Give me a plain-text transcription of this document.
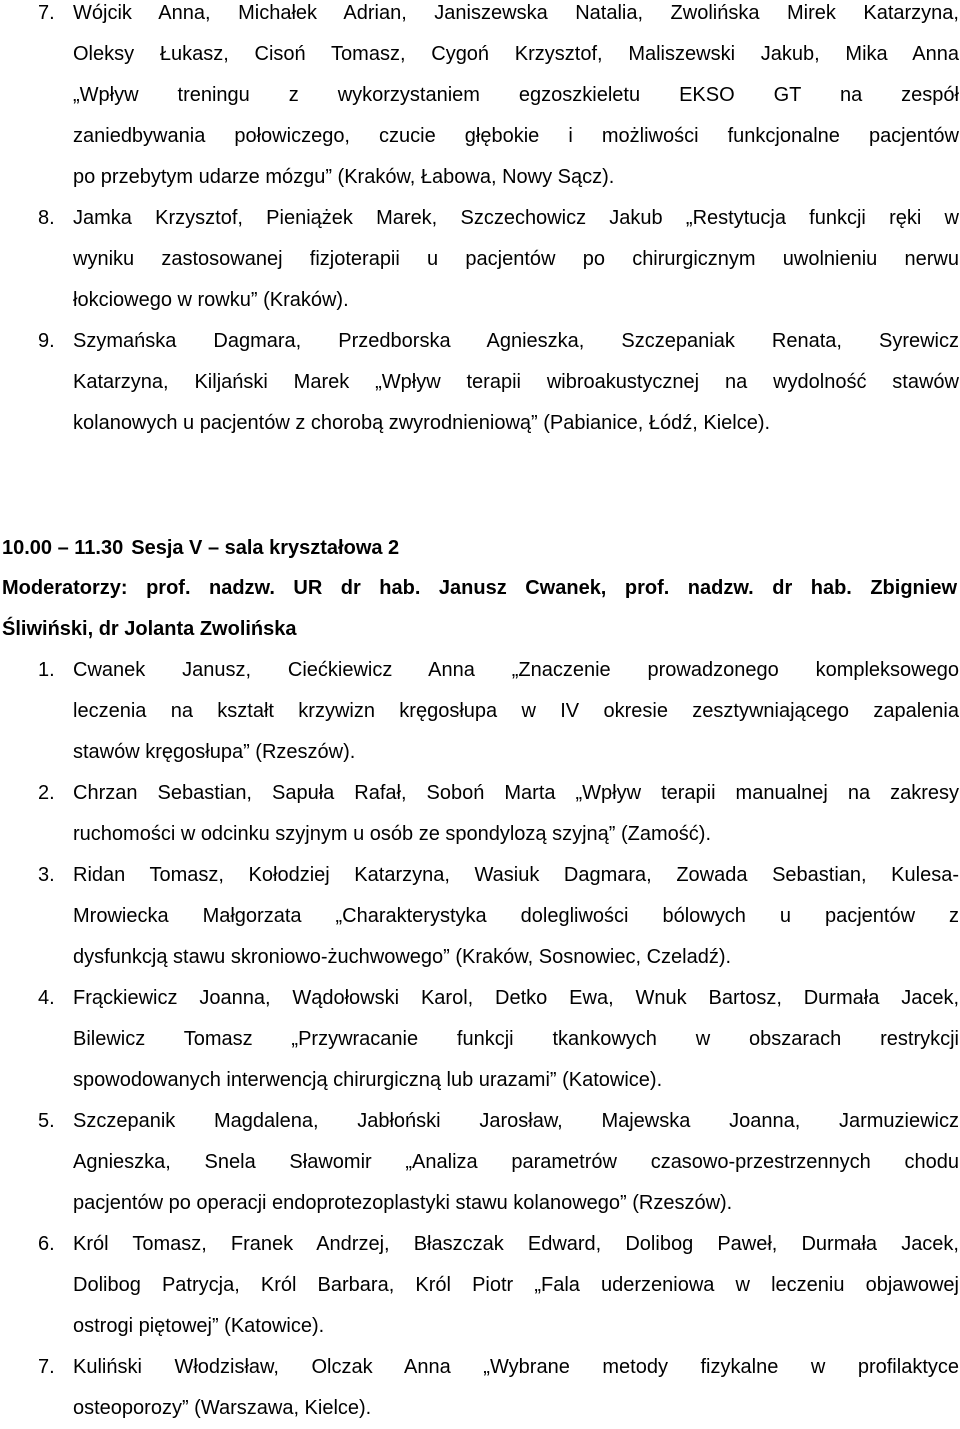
7. Wójcik Anna, Michałek Adrian, Janiszewska Natalia, Zwolińska Mirek Katarzyna,
Oleksy Łukasz, Cisoń Tomasz, Cygoń Krzysztof, Maliszewski Jakub, Mika Anna
„Wpływ treningu z wykorzystaniem egzoszkieletu EKSO GT na zespół
zaniedbywania połowiczego, czucie głębokie i możliwości funkcjonalne pacjentów
po przebytym udarze mózgu” (Kraków, Łabowa, Nowy Sącz).
8. Jamka Krzysztof, Pieniążek Marek, Szczechowicz Jakub „Restytucja funkcji ręki w
wyniku zastosowanej fizjoterapii u pacjentów po chirurgicznym uwolnieniu nerwu
łokciowego w rowku” (Kraków).
9. Szymańska Dagmara, Przedborska Agnieszka, Szczepaniak Renata, Syrewicz
Katarzyna, Kiljański Marek „Wpływ terapii wibroakustycznej na wydolność stawów
kolanowych u pacjentów z chorobą zwyrodnieniową” (Pabianice, Łódź, Kielce).
10.00 – 11.30 Sesja V – sala kryształowa 2
Moderatorzy: prof. nadzw. UR dr hab. Janusz Cwanek, prof. nadzw. dr hab. Zbigniew
Śliwiński, dr Jolanta Zwolińska
1. Cwanek Janusz, Ciećkiewicz Anna „Znaczenie prowadzonego kompleksowego
leczenia na kształt krzywizn kręgosłupa w IV okresie zesztywniającego zapalenia
stawów kręgosłupa” (Rzeszów).
2. Chrzan Sebastian, Sapuła Rafał, Soboń Marta „Wpływ terapii manualnej na zakresy
ruchomości w odcinku szyjnym u osób ze spondylozą szyjną” (Zamość).
3. Ridan Tomasz, Kołodziej Katarzyna, Wasiuk Dagmara, Zowada Sebastian, Kulesa-
Mrowiecka Małgorzata „Charakterystyka dolegliwości bólowych u pacjentów z
dysfunkcją stawu skroniowo-żuchwowego” (Kraków, Sosnowiec, Czeladź).
4. Frąckiewicz Joanna, Wądołowski Karol, Detko Ewa, Wnuk Bartosz, Durmała Jacek,
Bilewicz Tomasz „Przywracanie funkcji tkankowych w obszarach restrykcji
spowodowanych interwencją chirurgiczną lub urazami” (Katowice).
5. Szczepanik Magdalena, Jabłoński Jarosław, Majewska Joanna, Jarmuziewicz
Agnieszka, Snela Sławomir „Analiza parametrów czasowo-przestrzennych chodu
pacjentów po operacji endoprotezoplastyki stawu kolanowego” (Rzeszów).
6. Król Tomasz, Franek Andrzej, Błaszczak Edward, Dolibog Paweł, Durmała Jacek,
Dolibog Patrycja, Król Barbara, Król Piotr „Fala uderzeniowa w leczeniu objawowej
ostrogi piętowej” (Katowice).
7. Kuliński Włodzisław, Olczak Anna „Wybrane metody fizykalne w profilaktyce
osteoporozy” (Warszawa, Kielce).
